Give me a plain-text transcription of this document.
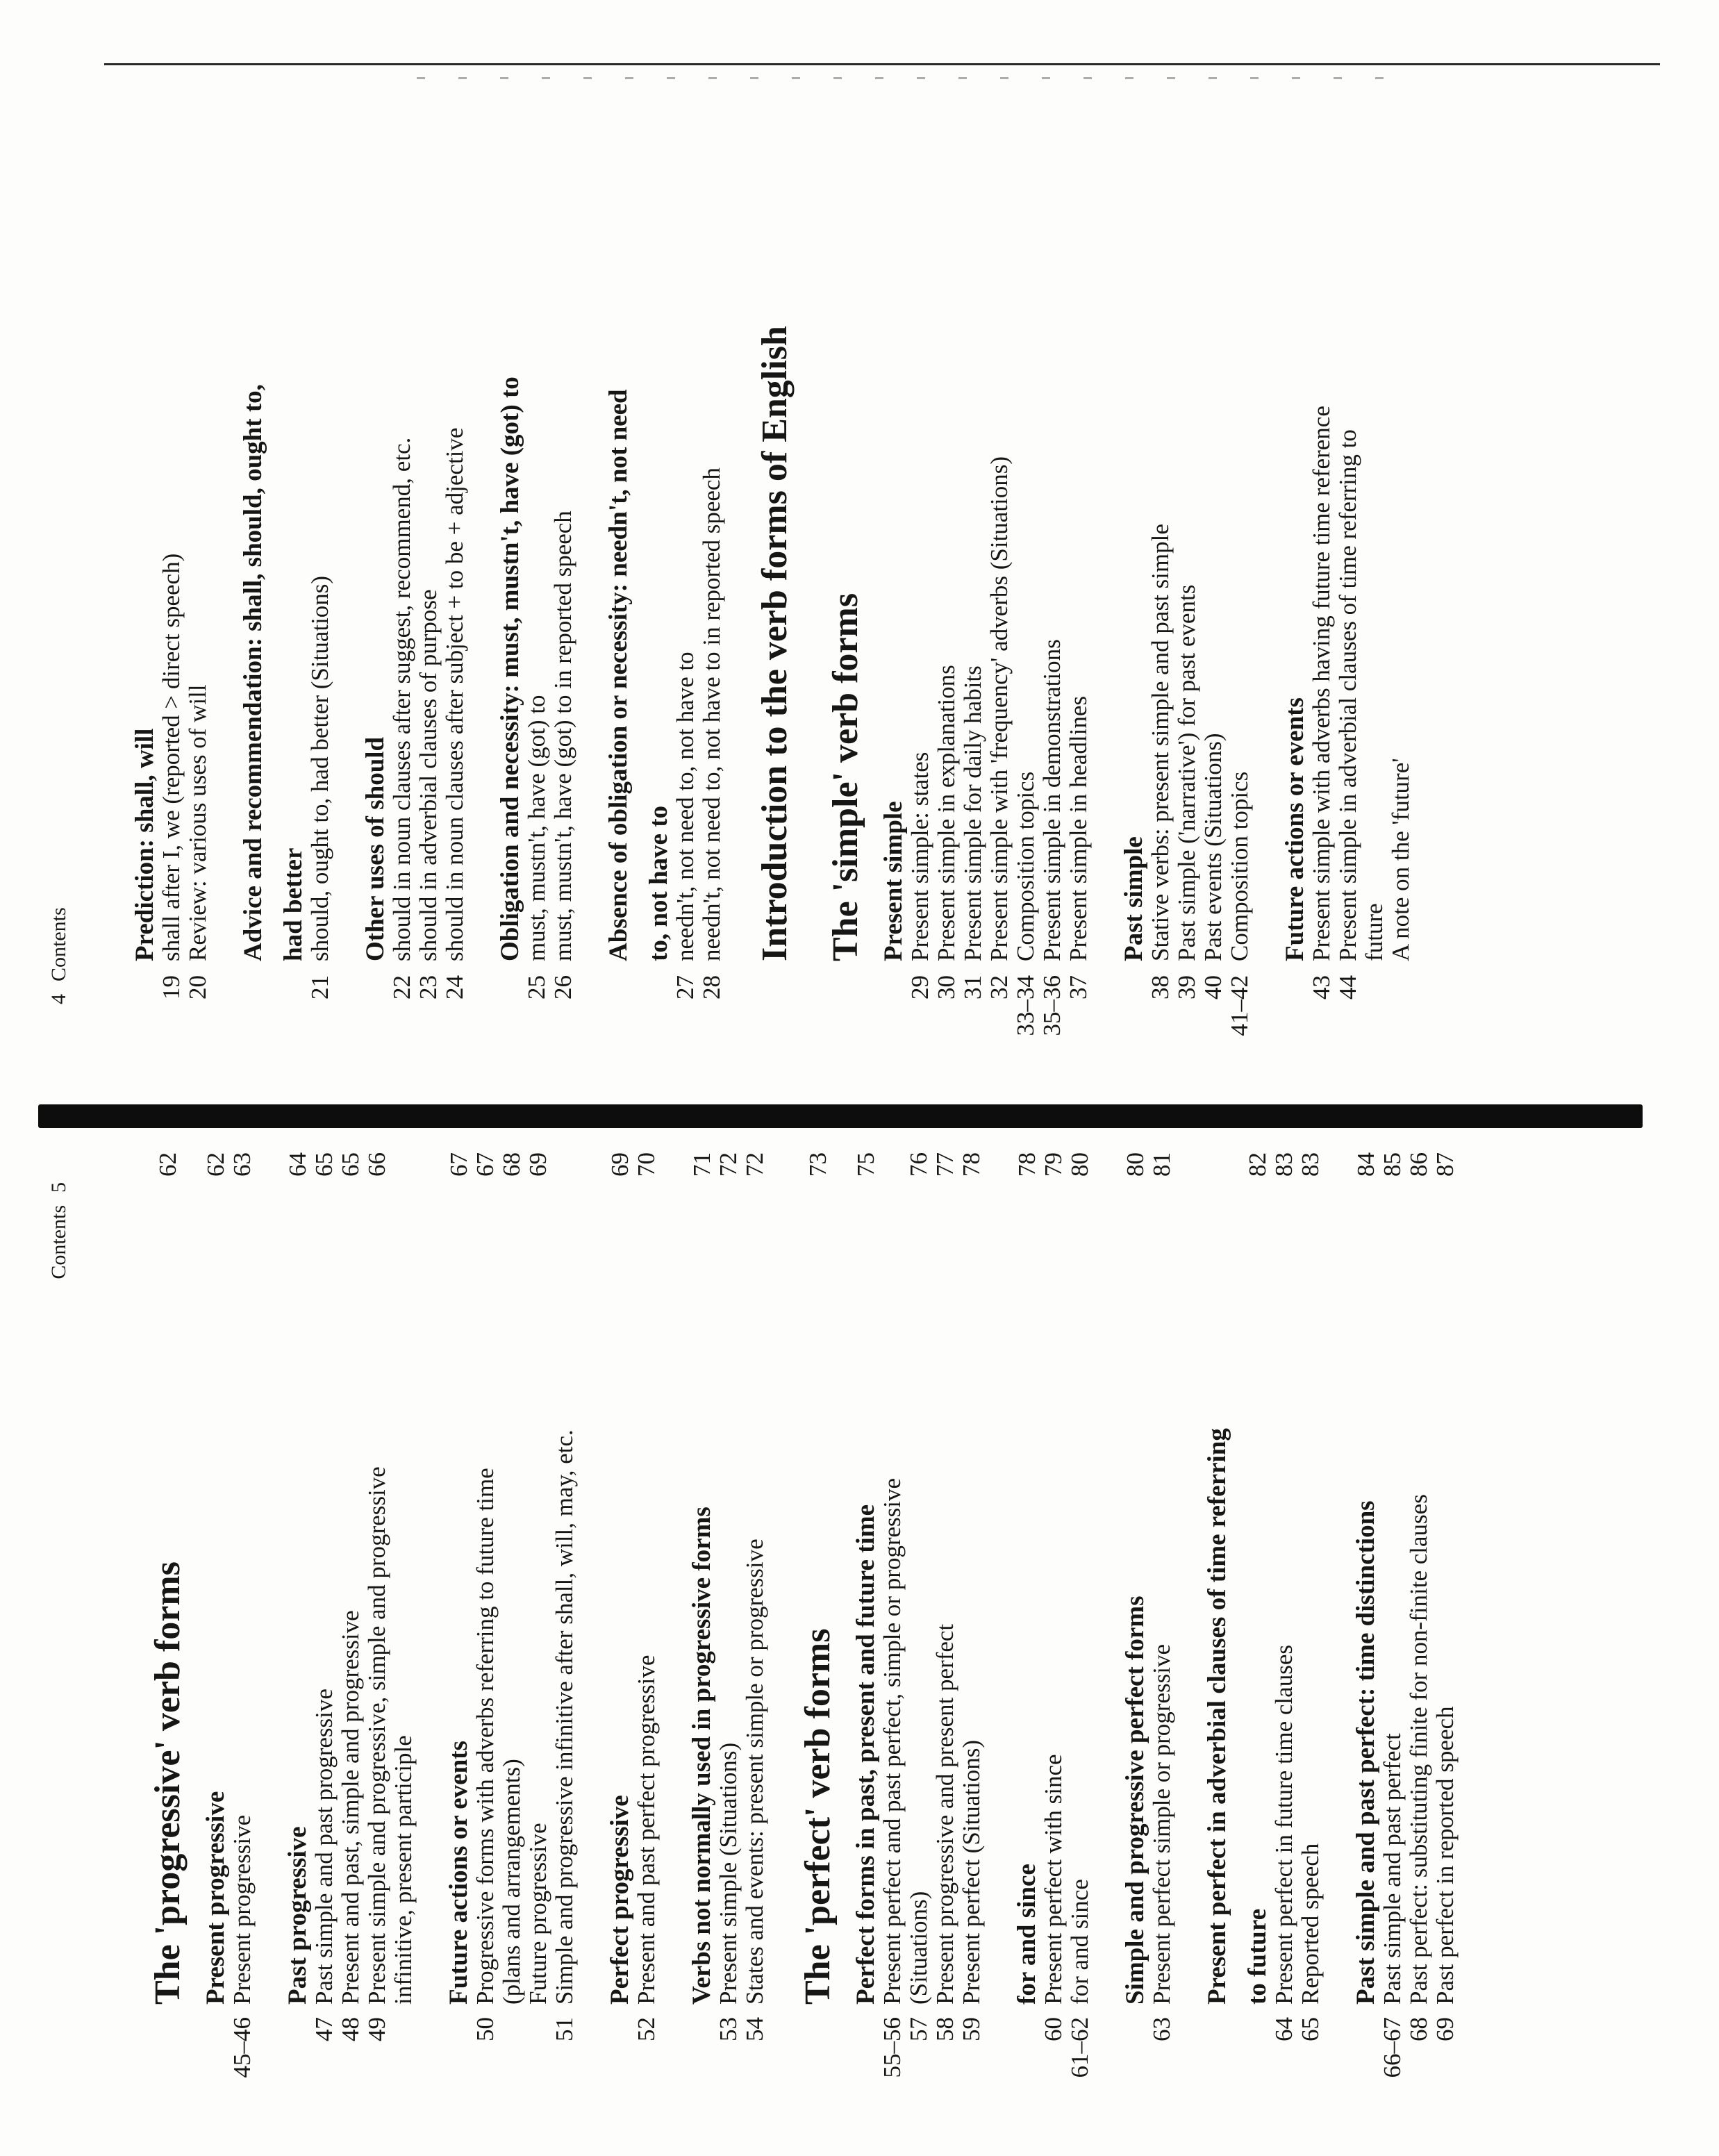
Contents5
The 'progressive' verb forms
62
Present progressive
62
45–46
Present progressive
63
Past progressive
64
47
Past simple and past progressive
65
48
Present and past, simple and progressive
65
49
Present simple and progressive, simple and progressive
66
infinitive, present participle Future actions or events
67
50
Progressive forms with adverbs referring to future time
67
(plans and arrangements)
68
Future progressive
69
51
Simple and progressive infinitive after shall, will, may, etc. Perfect progressive
69
52
Present and past perfect progressive
70
Verbs not normally used in progressive forms
71
53
Present simple (Situations)
72
54
States and events: present simple or progressive
72
The 'perfect' verb forms
73
Perfect forms in past, present and future time
75
55–56
Present perfect and past perfect, simple or progressive
57
(Situations)
76
58
Present progressive and present perfect
77
59
Present perfect (Situations)
78
for and since
78
60
Present perfect with since
79
61–62
for and since
80
Simple and progressive perfect forms
80
63
Present perfect simple or progressive
81
Present perfect in adverbial clauses of time referring to future
82
64
Present perfect in future time clauses
83
65
Reported speech
83
Past simple and past perfect: time distinctions
84
66–67
Past simple and past perfect
85
68
Past perfect: substituting finite for non-finite clauses
86
69
Past perfect in reported speech
87
4Contents Prediction: shall, will
19
shall after I, we (reported > direct speech)
20
Review: various uses of will Advice and recommendation: shall, should, ought to, had better
21
should, ought to, had better (Situations) Other uses of should
22
should in noun clauses after suggest, recommend, etc.
23
should in adverbial clauses of purpose
24
should in noun clauses after subject + to be + adjective Obligation and necessity: must, mustn't, have (got) to
25
must, mustn't, have (got) to
26
must, mustn't, have (got) to in reported speech Absence of obligation or necessity: needn't, not need to, not have to
27
needn't, not need to, not have to
28
needn't, not need to, not have to in reported speech Introduction to the verb forms of English The 'simple' verb forms Present simple
29
Present simple: states
30
Present simple in explanations
31
Present simple for daily habits
32
Present simple with 'frequency' adverbs (Situations)
33–34
Composition topics
35–36
Present simple in demonstrations
37
Present simple in headlines Past simple
38
Stative verbs: present simple and past simple
39
Past simple ('narrative') for past events
40
Past events (Situations)
41–42
Composition topics Future actions or events
43
Present simple with adverbs having future time reference
44
Present simple in adverbial clauses of time referring to future A note on the 'future'
